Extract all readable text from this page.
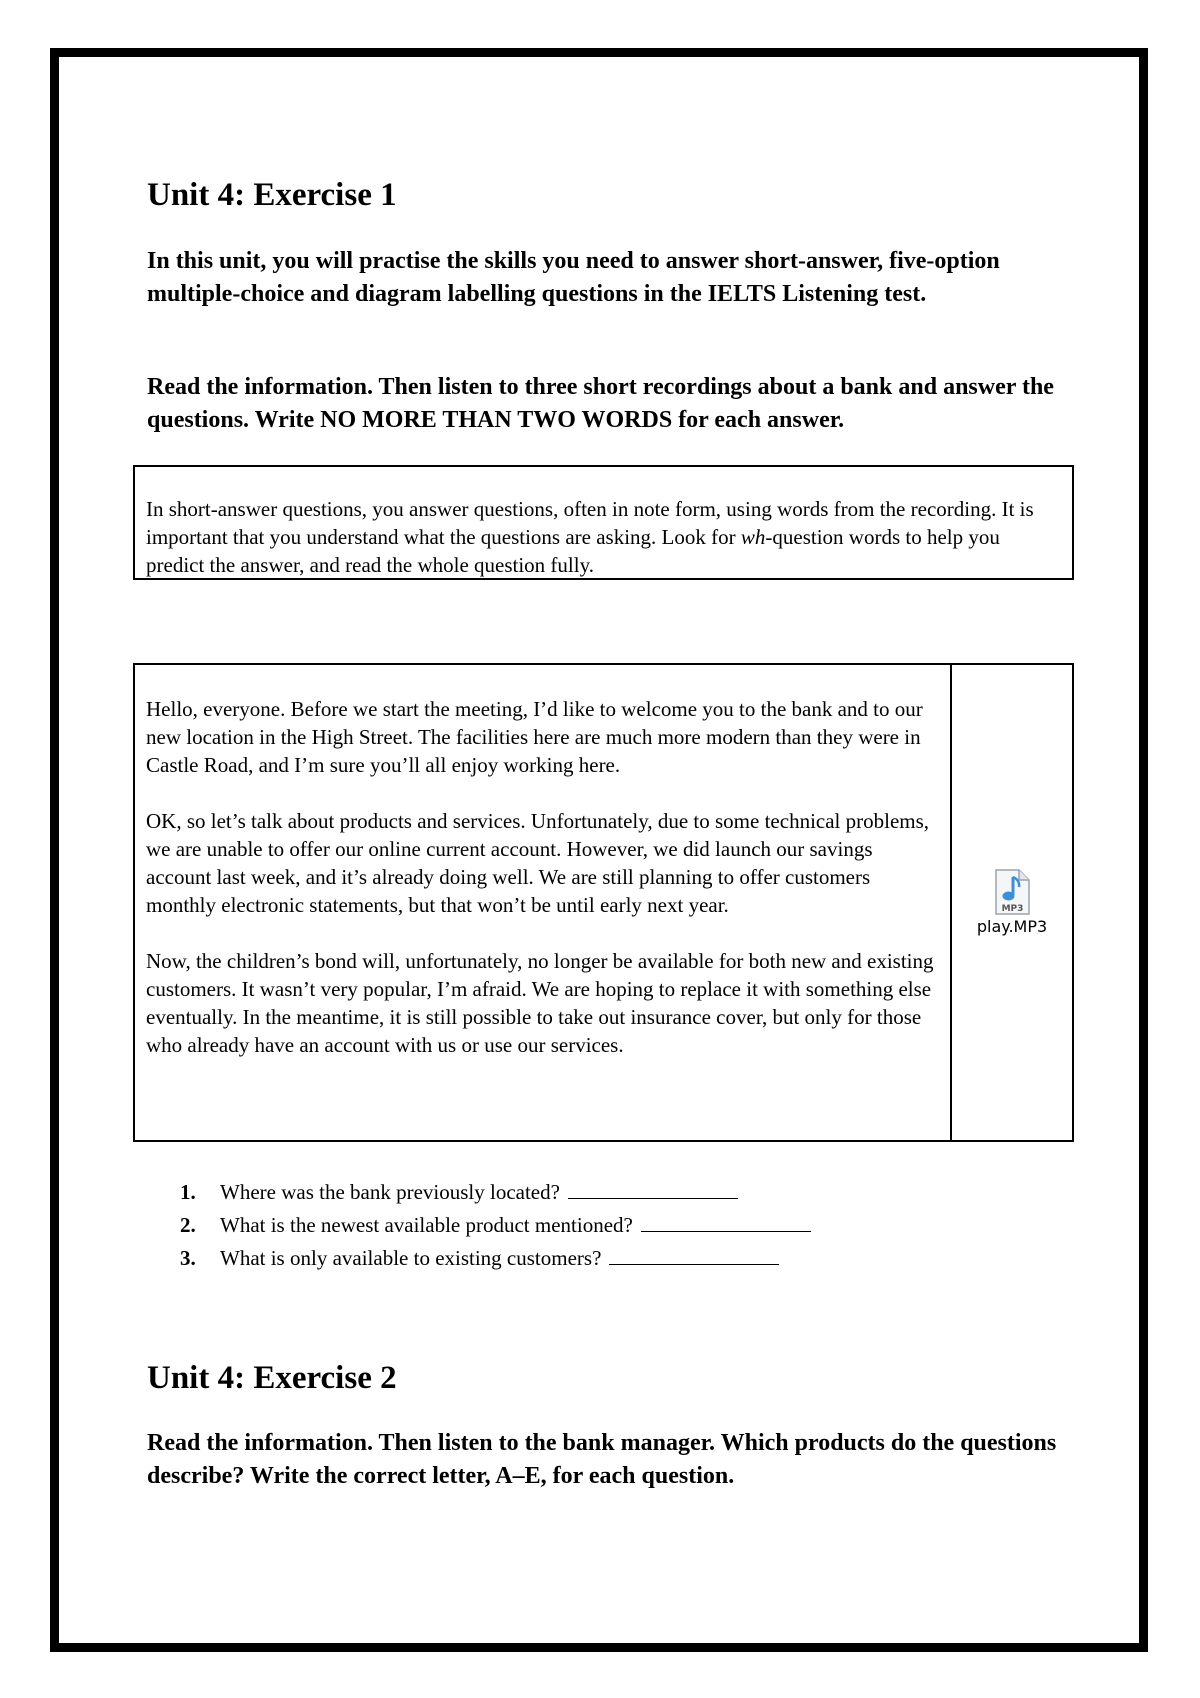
Unit 4: Exercise 1

In this unit, you will practise the skills you need to answer short-answer, five-option multiple-choice and diagram labelling questions in the IELTS Listening test.

Read the information. Then listen to three short recordings about a bank and answer the questions. Write NO MORE THAN TWO WORDS for each answer.

In short-answer questions, you answer questions, often in note form, using words from the recording. It is important that you understand what the questions are asking. Look for wh-question words to help you predict the answer, and read the whole question fully.

Hello, everyone. Before we start the meeting, I’d like to welcome you to the bank and to our new location in the High Street. The facilities here are much more modern than they were in Castle Road, and I’m sure you’ll all enjoy working here.

OK, so let’s talk about products and services. Unfortunately, due to some technical problems, we are unable to offer our online current account. However, we did launch our savings account last week, and it’s already doing well. We are still planning to offer customers monthly electronic statements, but that won’t be until early next year.

Now, the children’s bond will, unfortunately, no longer be available for both new and existing customers. It wasn’t very popular, I’m afraid. We are hoping to replace it with something else eventually. In the meantime, it is still possible to take out insurance cover, but only for those who already have an account with us or use our services.

MP3
play.MP3
1.	Where was the bank previously located?
2.	What is the newest available product mentioned?
3.	What is only available to existing customers?
Unit 4: Exercise 2

Read the information. Then listen to the bank manager. Which products do the questions describe? Write the correct letter, A–E, for each question.
